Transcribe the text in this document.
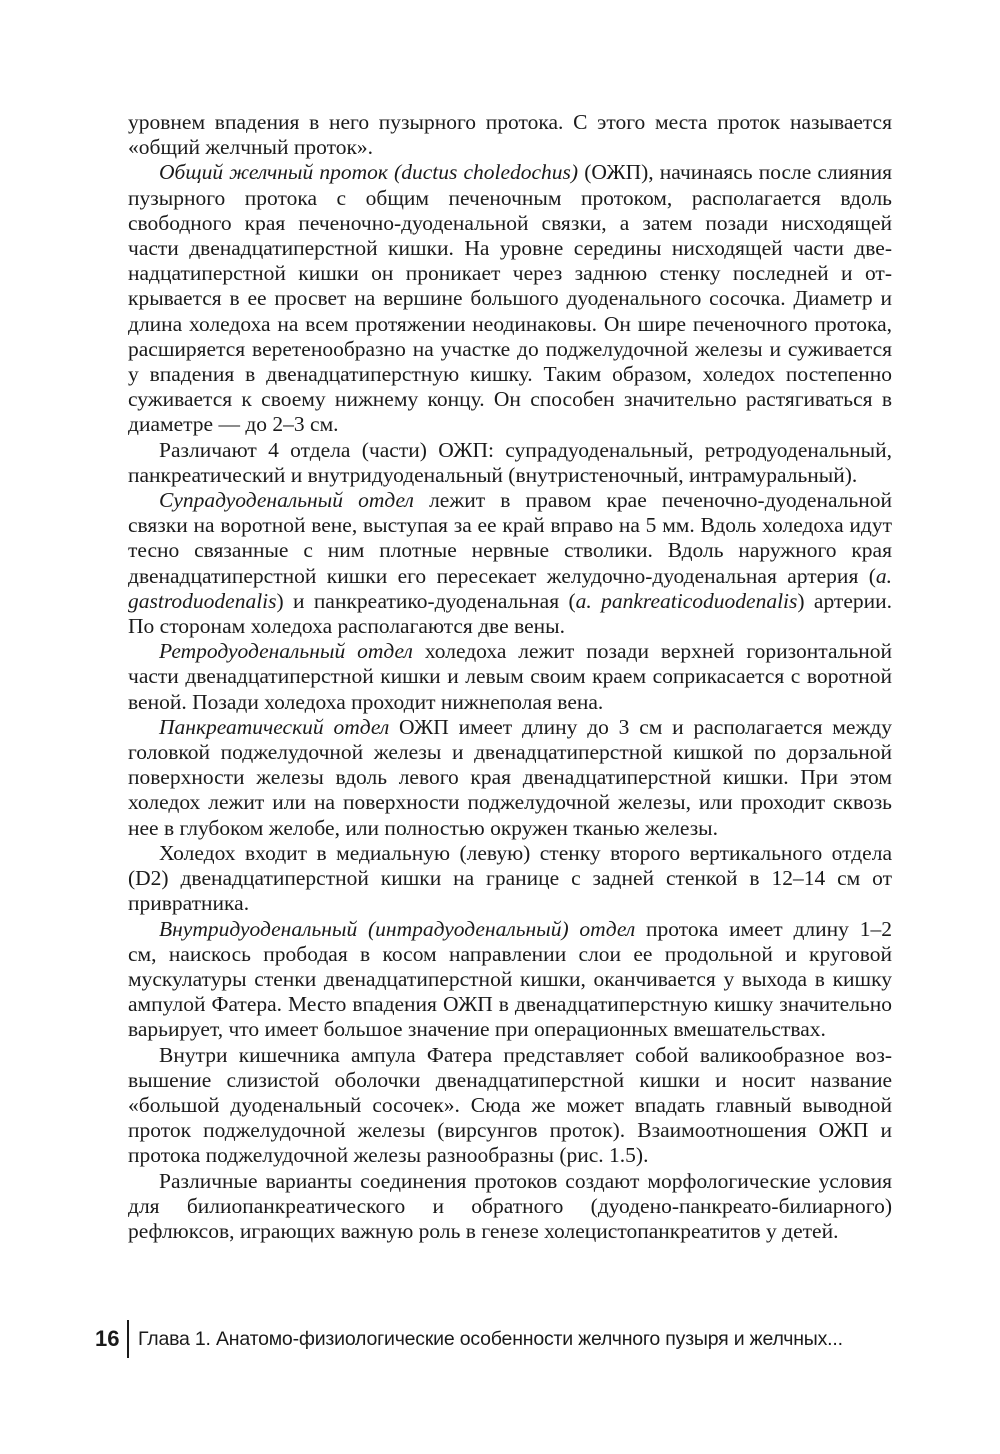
уровнем впадения в него пузырного протока. С этого места проток называется «общий желчный проток».

Общий желчный проток (ductus choledochus) (ОЖП), начинаясь после слияния пузырного протока с общим печеночным протоком, располагается вдоль свободного края печеночно-дуоденальной связки, а затем позади нисходящей части двенадцатиперстной кишки. На уровне середины нисходящей части двенадцатиперстной кишки он проникает через заднюю стенку последней и открывается в ее просвет на вершине большого дуоденального сосочка. Диаметр и длина холедоха на всем протяжении неодинаковы. Он шире печеночного протока, расширяется веретенообразно на участке до поджелудочной железы и суживается у впадения в двенадцатиперстную кишку. Таким образом, холедох постепенно суживается к своему нижнему концу. Он способен значительно растягиваться в диаметре — до 2–3 см.

Различают 4 отдела (части) ОЖП: супрадуоденальный, ретродуоденальный, панкреатический и внутридуоденальный (внутристеночный, интрамуральный).

Супрадуоденальный отдел лежит в правом крае печеночно-дуоденальной связки на воротной вене, выступая за ее край вправо на 5 мм. Вдоль холедоха идут тесно связанные с ним плотные нервные стволики. Вдоль наружного края двенадцатиперстной кишки его пересекает желудочно-дуоденальная артерия (a. gastroduodenalis) и панкреатико-дуоденальная (a. pankreaticoduodenalis) артерии. По сторонам холедоха располагаются две вены.

Ретродуоденальный отдел холедоха лежит позади верхней горизонтальной части двенадцатиперстной кишки и левым своим краем соприкасается с воротной веной. Позади холедоха проходит нижнеполая вена.

Панкреатический отдел ОЖП имеет длину до 3 см и располагается между головкой поджелудочной железы и двенадцатиперстной кишкой по дорзальной поверхности железы вдоль левого края двенадцатиперстной кишки. При этом холедох лежит или на поверхности поджелудочной железы, или проходит сквозь нее в глубоком желобе, или полностью окружен тканью железы.

Холедох входит в медиальную (левую) стенку второго вертикального отдела (D2) двенадцатиперстной кишки на границе с задней стенкой в 12–14 см от привратника.

Внутридуоденальный (интрадуоденальный) отдел протока имеет длину 1–2 см, наискось прободая в косом направлении слои ее продольной и круговой мускулатуры стенки двенадцатиперстной кишки, оканчивается у выхода в кишку ампулой Фатера. Место впадения ОЖП в двенадцатиперстную кишку значительно варьирует, что имеет большое значение при операционных вмешательствах.

Внутри кишечника ампула Фатера представляет собой валикообразное возвышение слизистой оболочки двенадцатиперстной кишки и носит название «большой дуоденальный сосочек». Сюда же может впадать главный выводной проток поджелудочной железы (вирсунгов проток). Взаимоотношения ОЖП и протока поджелудочной железы разнообразны (рис. 1.5).

Различные варианты соединения протоков создают морфологические условия для билиопанкреатического и обратного (дуодено-панкреато-билиарного) рефлюксов, играющих важную роль в генезе холецистопанкреатитов у детей.

16 Глава 1. Анатомо-физиологические особенности желчного пузыря и желчных...
